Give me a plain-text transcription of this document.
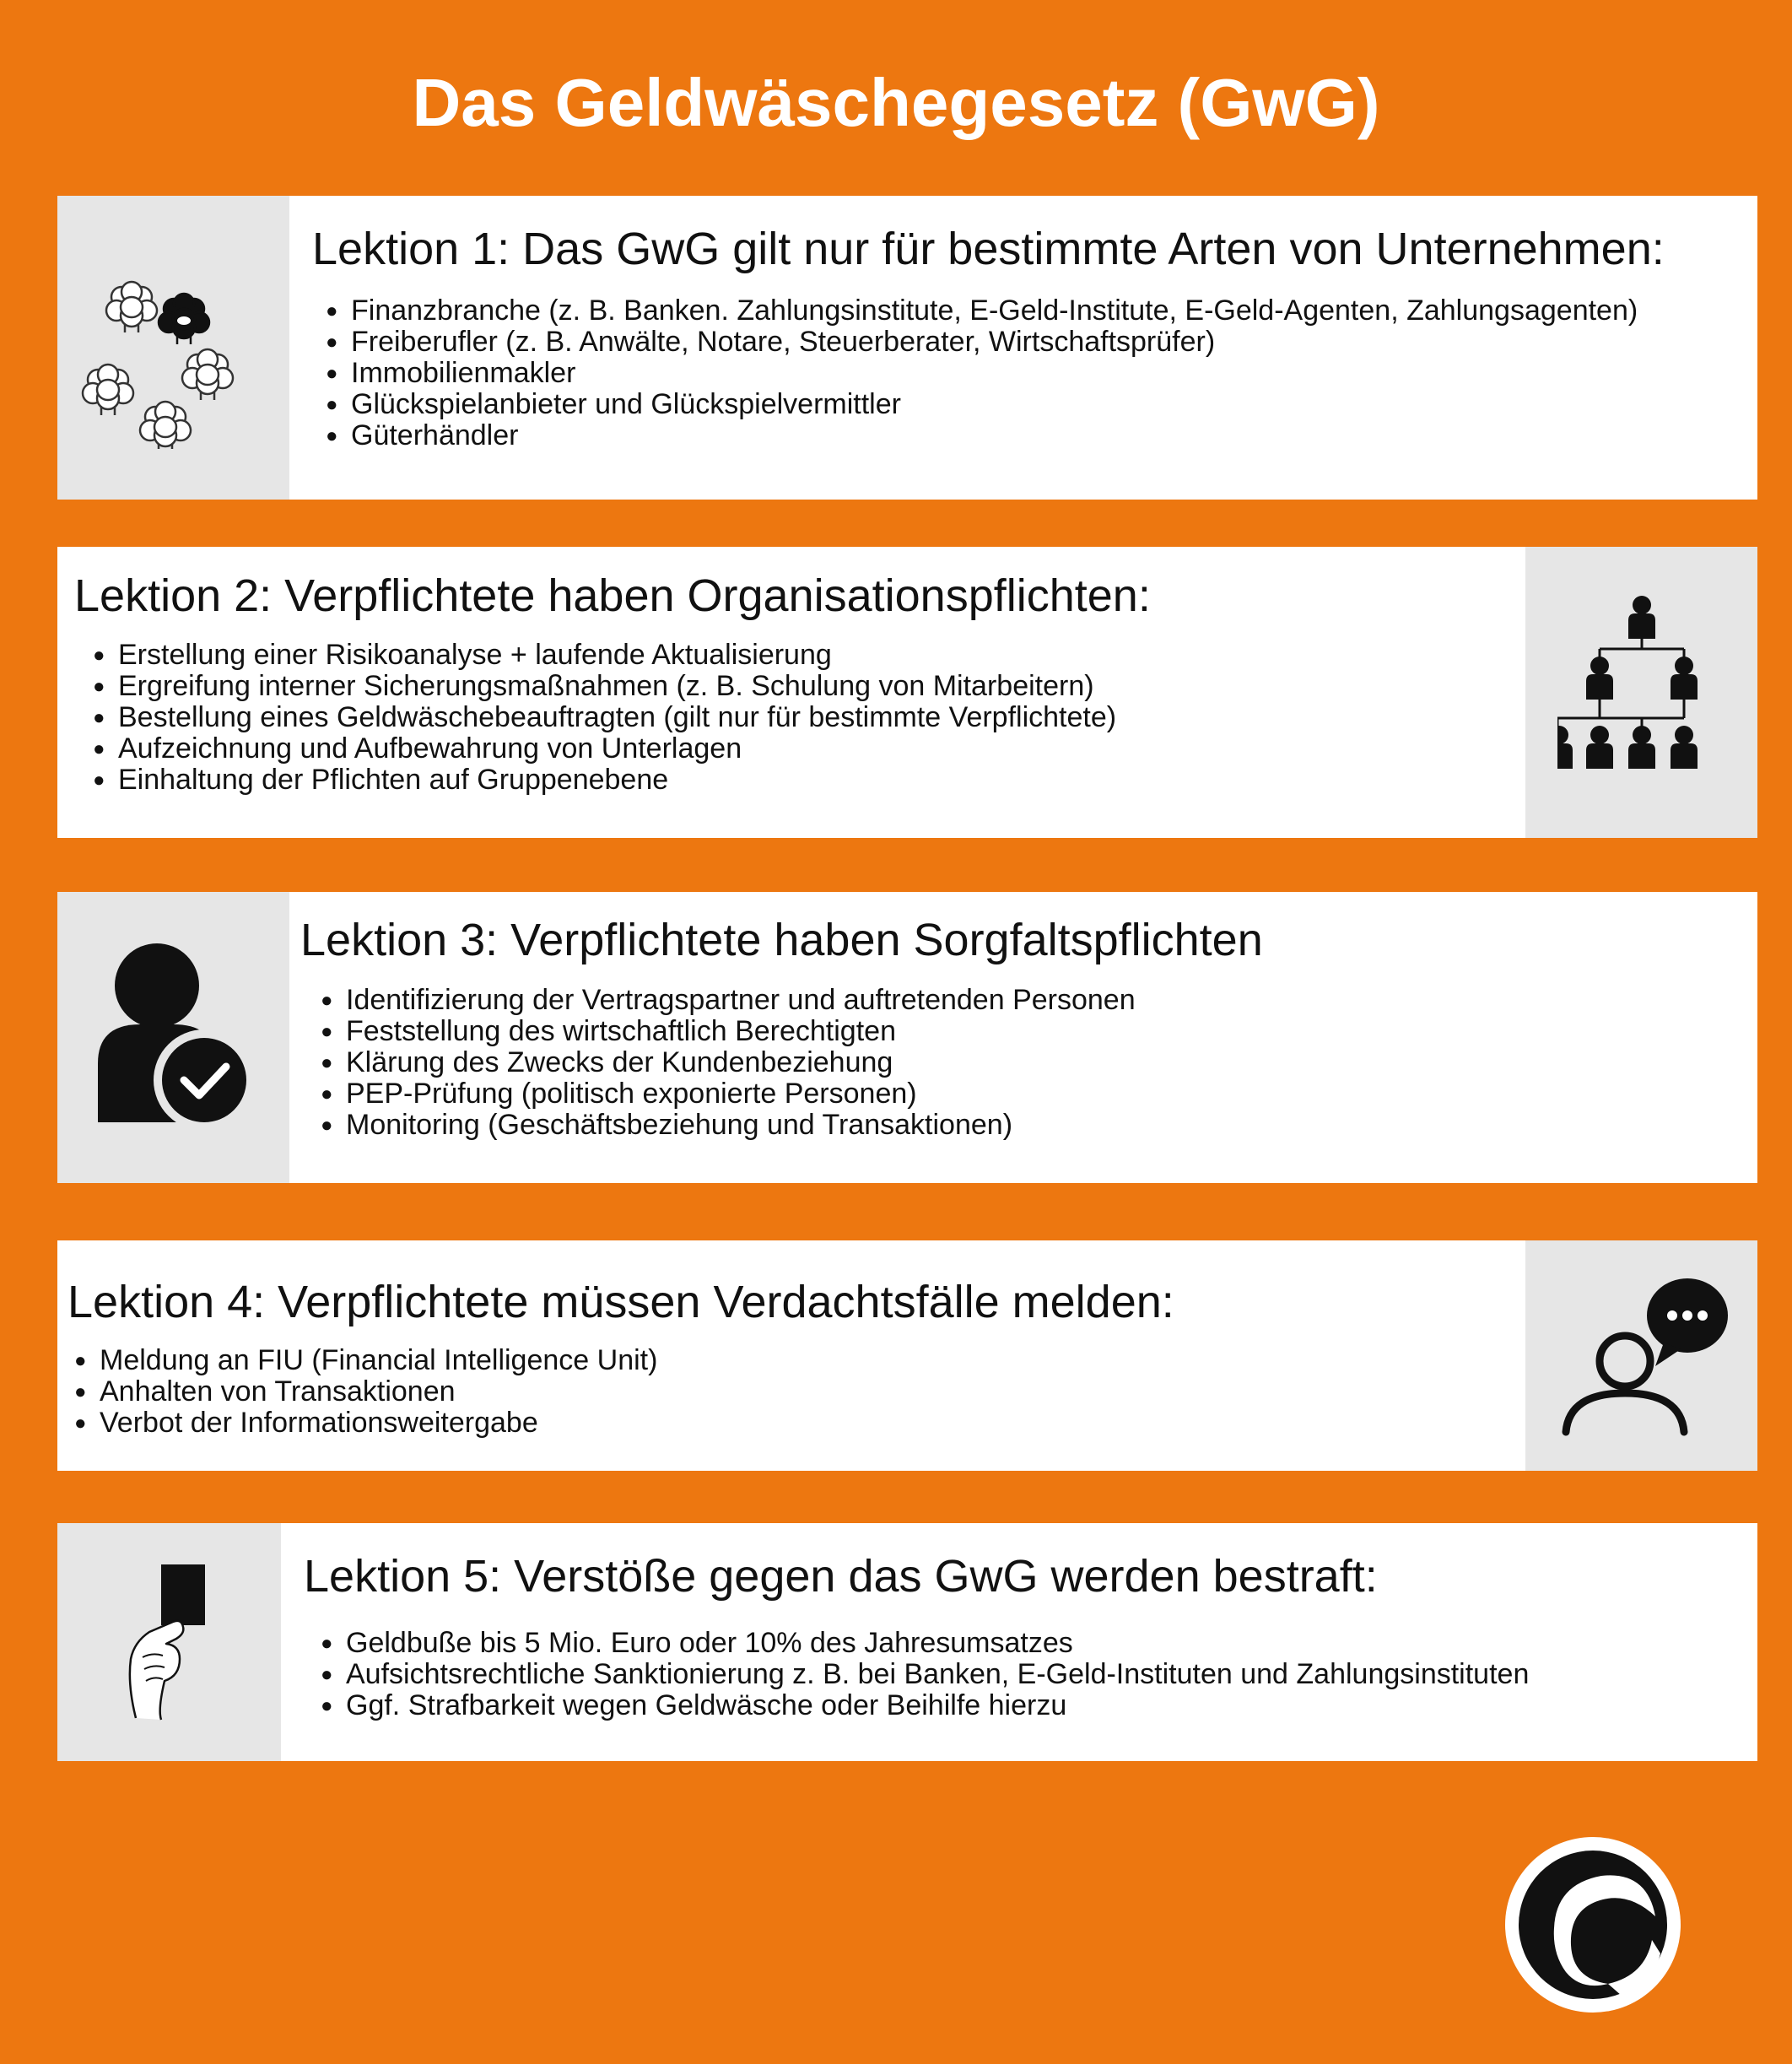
Das Geldwäschegesetz (GwG)
Lektion 1: Das GwG gilt nur für bestimmte Arten von Unternehmen:
● Finanzbranche (z. B. Banken. Zahlungsinstitute, E-Geld-Institute, E-Geld-Agenten, Zahlungsagenten)
● Freiberufler (z. B. Anwälte, Notare, Steuerberater, Wirtschaftsprüfer)
● Immobilienmakler
● Glückspielanbieter und Glückspielvermittler
● Güterhändler
Lektion 2: Verpflichtete haben Organisationspflichten:
● Erstellung einer Risikoanalyse + laufende Aktualisierung
● Ergreifung interner Sicherungsmaßnahmen (z. B. Schulung von Mitarbeitern)
● Bestellung eines Geldwäschebeauftragten (gilt nur für bestimmte Verpflichtete)
● Aufzeichnung und Aufbewahrung von Unterlagen
● Einhaltung der Pflichten auf Gruppenebene
Lektion 3: Verpflichtete haben Sorgfaltspflichten
● Identifizierung der Vertragspartner und auftretenden Personen
● Feststellung des wirtschaftlich Berechtigten
● Klärung des Zwecks der Kundenbeziehung
● PEP-Prüfung (politisch exponierte Personen)
● Monitoring (Geschäftsbeziehung und Transaktionen)
Lektion 4: Verpflichtete müssen Verdachtsfälle melden:
● Meldung an FIU (Financial Intelligence Unit)
● Anhalten von Transaktionen
● Verbot der Informationsweitergabe
Lektion 5: Verstöße gegen das GwG werden bestraft:
● Geldbuße bis 5 Mio. Euro oder 10% des Jahresumsatzes
● Aufsichtsrechtliche Sanktionierung z. B. bei Banken, E-Geld-Instituten und Zahlungsinstituten
● Ggf. Strafbarkeit wegen Geldwäsche oder Beihilfe hierzu
